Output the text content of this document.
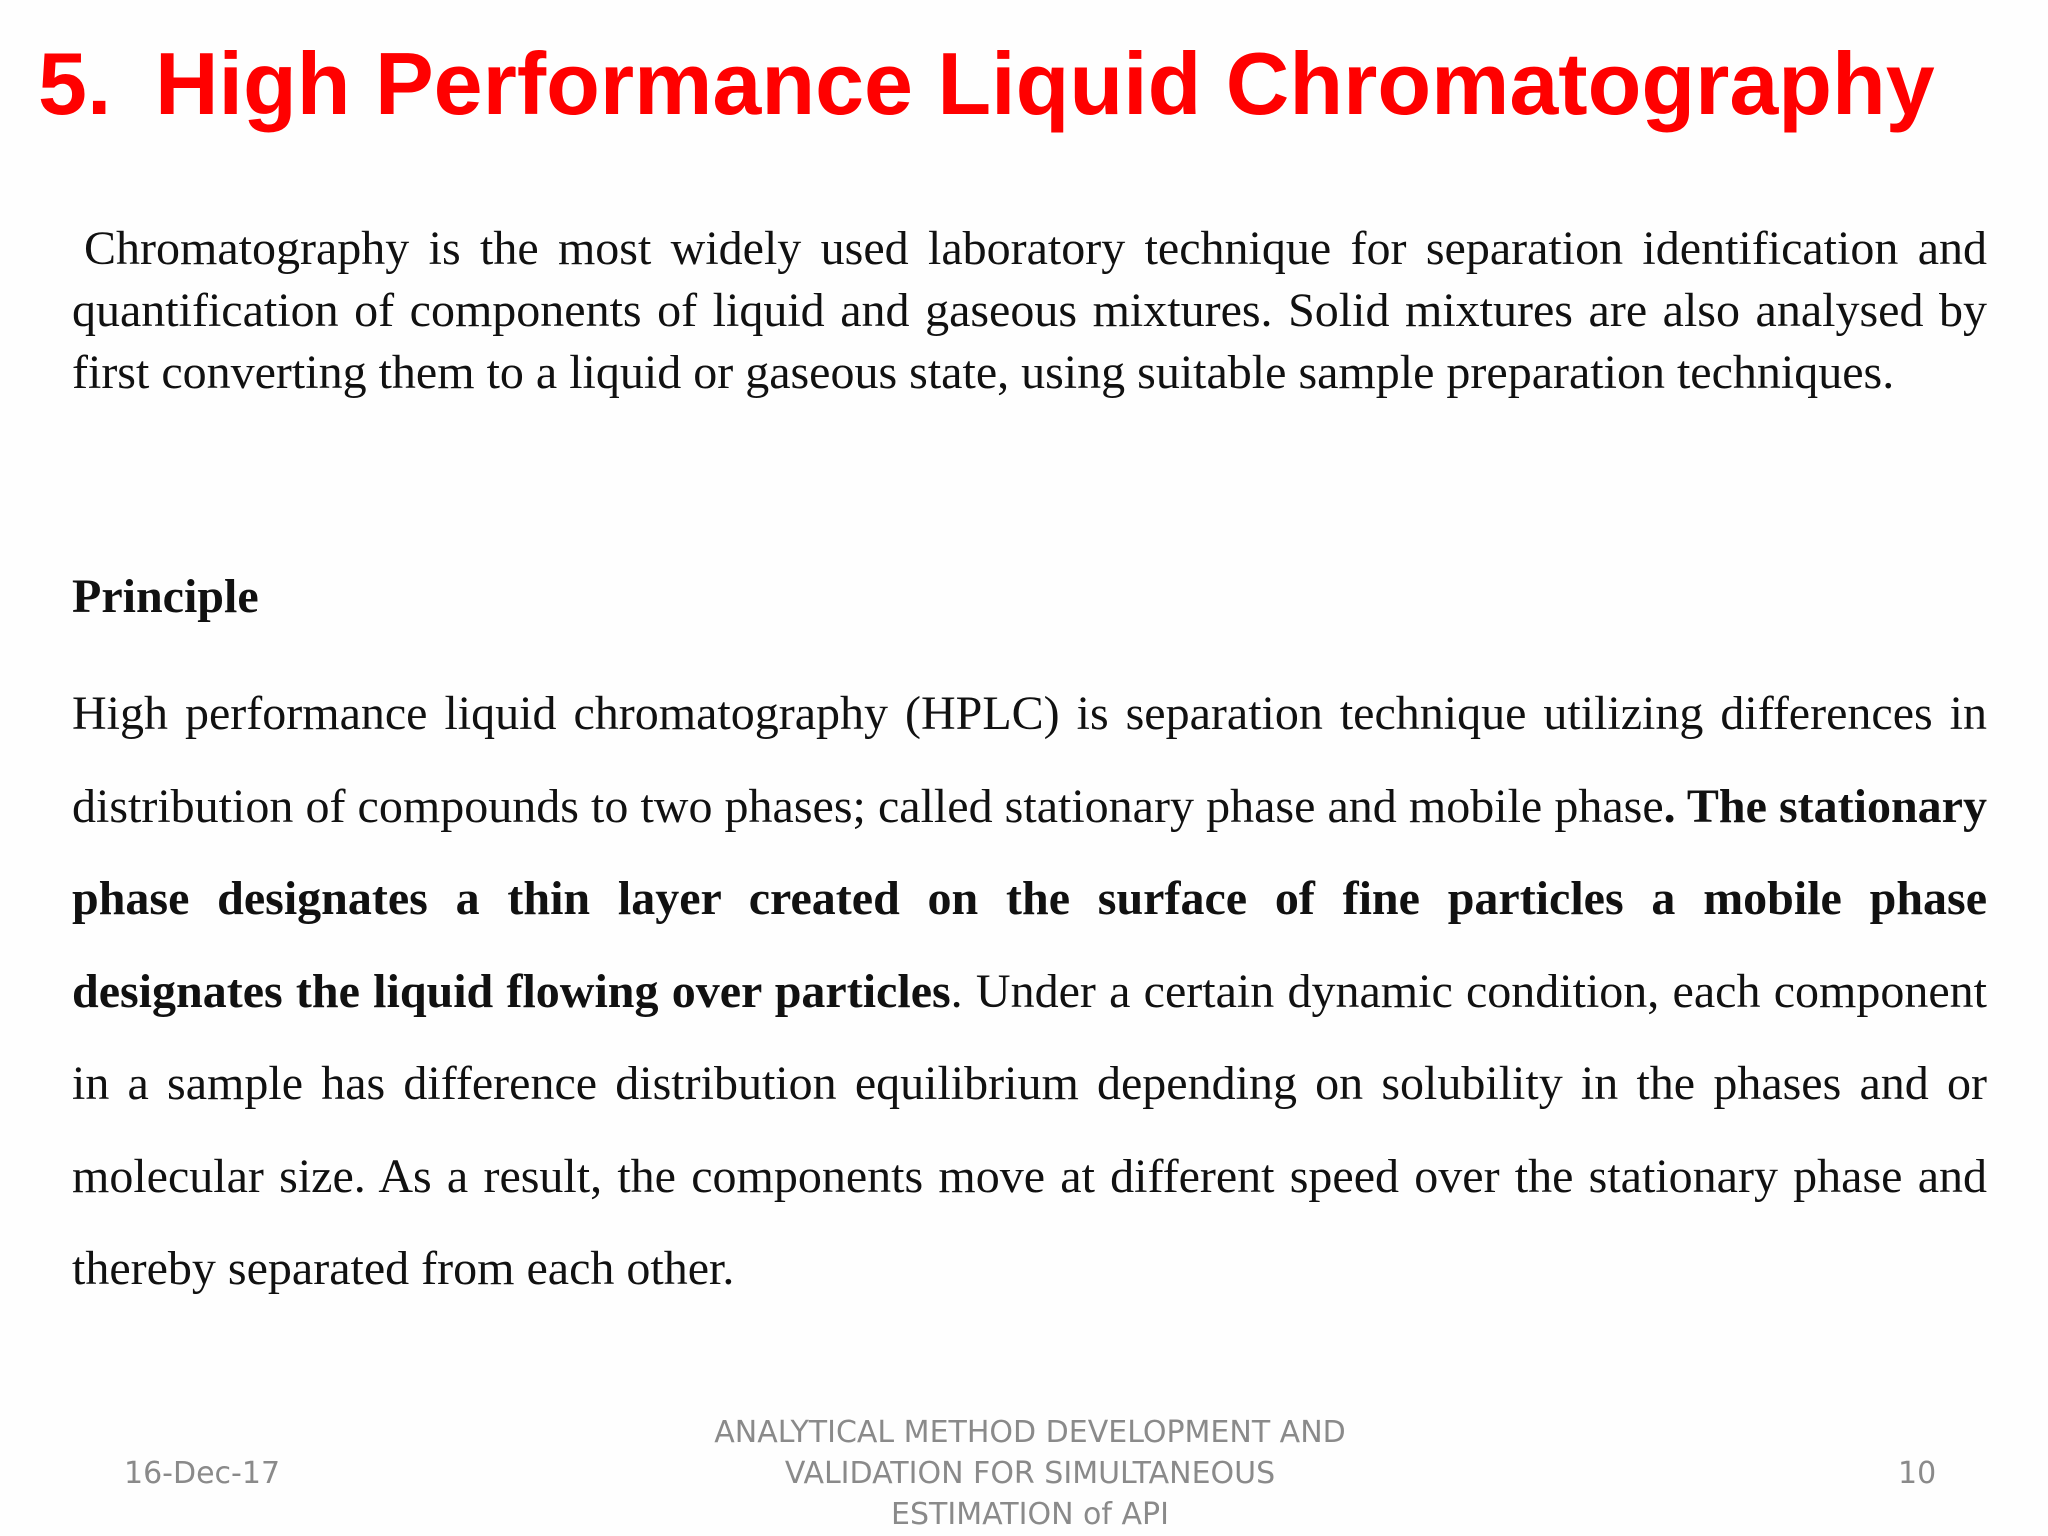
5. High Performance Liquid Chromatography

Chromatography is the most widely used laboratory technique for separation identification and quantification of components of liquid and gaseous mixtures. Solid mixtures are also analysed by first converting them to a liquid or gaseous state, using suitable sample preparation techniques.

Principle

High performance liquid chromatography (HPLC) is separation technique utilizing differences in distribution of compounds to two phases; called stationary phase and mobile phase. The stationary phase designates a thin layer created on the surface of fine particles a mobile phase designates the liquid flowing over particles. Under a certain dynamic condition, each component in a sample has difference distribution equilibrium depending on solubility in the phases and or molecular size. As a result, the components move at different speed over the stationary phase and thereby separated from each other.

16-Dec-17
ANALYTICAL METHOD DEVELOPMENT AND
VALIDATION FOR SIMULTANEOUS
ESTIMATION of API
10
